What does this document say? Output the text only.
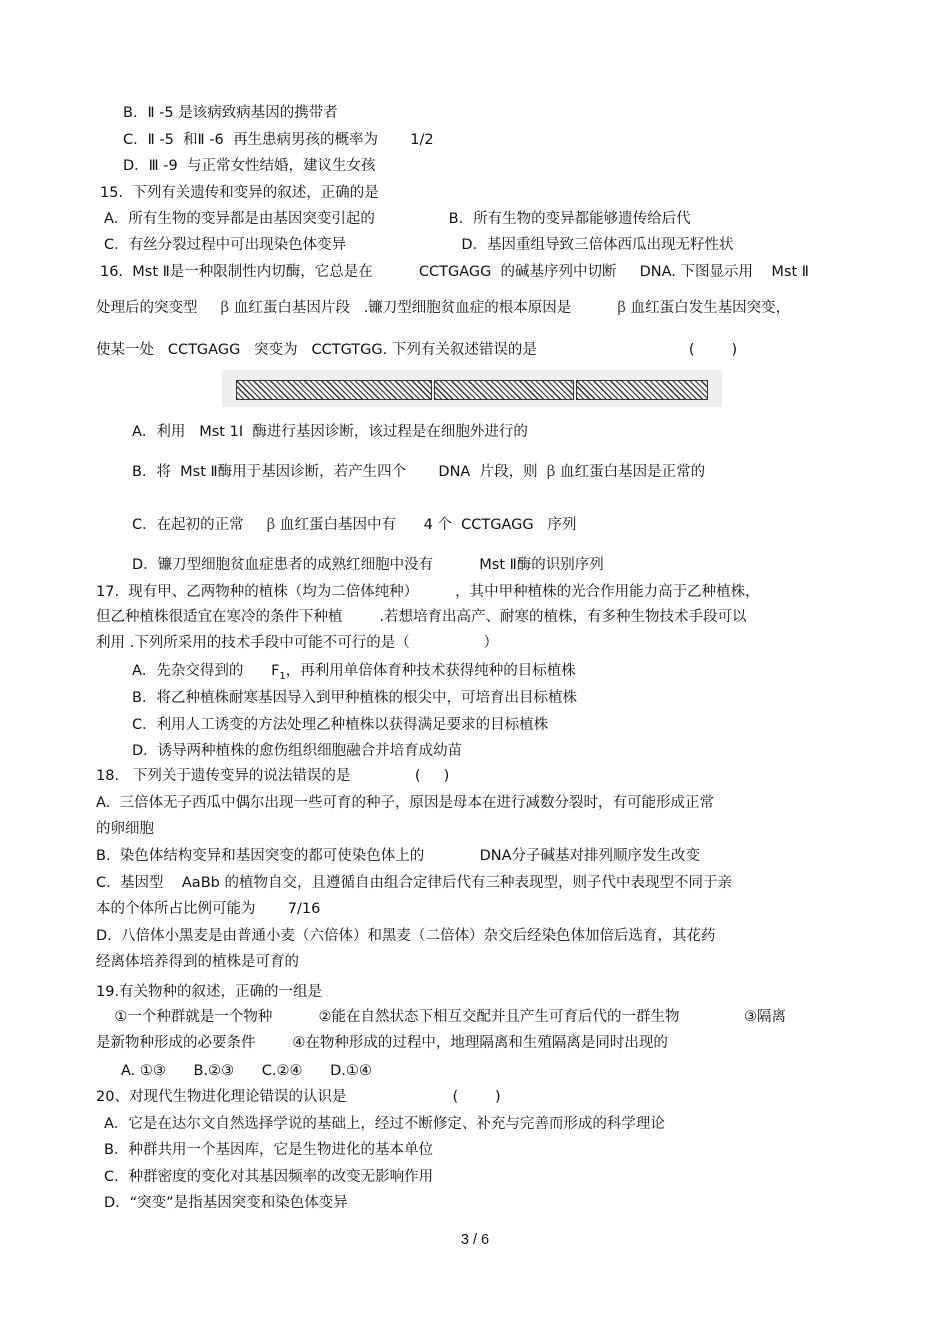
B．Ⅱ -5 是该病致病基因的携带者
C．Ⅱ -5  和Ⅱ -6  再生患病男孩的概率为       1/2
D．Ⅲ -9  与正常女性结婚，建议生女孩
15.  下列有关遗传和变异的叙述，正确的是
A．所有生物的变异都是由基因突变引起的                B．所有生物的变异都能够遗传给后代
C．有丝分裂过程中可出现染色体变异                         D．基因重组导致三倍体西瓜出现无籽性状
16.  Mst Ⅱ是一种限制性内切酶，它总是在          CCTGAGG  的碱基序列中切断     DNA. 下图显示用    Mst Ⅱ
使某一处   CCTGAGG   突变为   CCTGTGG. 下列有关叙述错误的是                                 (        )
A．利用   Mst 1I  酶进行基因诊断，该过程是在细胞外进行的
D．镰刀型细胞贫血症患者的成熟红细胞中没有          Mst Ⅱ酶的识别序列
17.  现有甲、乙两物种的植株（均为二倍体纯种）        ，其中甲种植株的光合作用能力高于乙种植株，
但乙种植株很适宜在寒冷的条件下种植        .若想培育出高产、耐寒的植株，有多种生物技术手段可以
利用 .下列所采用的技术手段中可能不可行的是（                ）
B．将乙种植株耐寒基因导入到甲种植株的根尖中，可培育出目标植株
C．利用人工诱变的方法处理乙种植株以获得满足要求的目标植株
D．诱导两种植株的愈伤组织细胞融合并培育成幼苗
18.   下列关于遗传变异的说法错误的是              (     )
A.  三倍体无子西瓜中偶尔出现一些可育的种子，原因是母本在进行减数分裂时，有可能形成正常
的卵细胞
B.  染色体结构变异和基因突变的都可使染色体上的            DNA分子碱基对排列顺序发生改变
C.  基因型    AaBb 的植物自交，且遵循自由组合定律后代有三种表现型，则子代中表现型不同于亲
本的个体所占比例可能为       7/16
D.  八倍体小黑麦是由普通小麦（六倍体）和黑麦（二倍体）杂交后经染色体加倍后选育，其花药
经离体培养得到的植株是可育的
19.有关物种的叙述，正确的一组是
①一个种群就是一个物种          ②能在自然状态下相互交配并且产生可育后代的一群生物              ③隔离
是新物种形成的必要条件        ④在物种形成的过程中，地理隔离和生殖隔离是同时出现的
A. ①③      B.②③      C.②④      D.①④
20、对现代生物进化理论错误的认识是                       (        )
A．它是在达尔文自然选择学说的基础上，经过不断修定、补充与完善而形成的科学理论
B．种群共用一个基因库，它是生物进化的基本单位
C．种群密度的变化对其基因频率的改变无影响作用
D．“突变”是指基因突变和染色体变异
处理后的突变型     β 血红蛋白基因片段   .镰刀型细胞贫血症的根本原因是          β 血红蛋白发生基因突变，
B．将  Mst Ⅱ酶用于基因诊断，若产生四个       DNA  片段，则  β 血红蛋白基因是正常的
C．在起初的正常     β 血红蛋白基因中有      4 个  CCTGAGG   序列
A．先杂交得到的      $F_1$，再利用单倍体育种技术获得纯种的目标植株
3 / 6
